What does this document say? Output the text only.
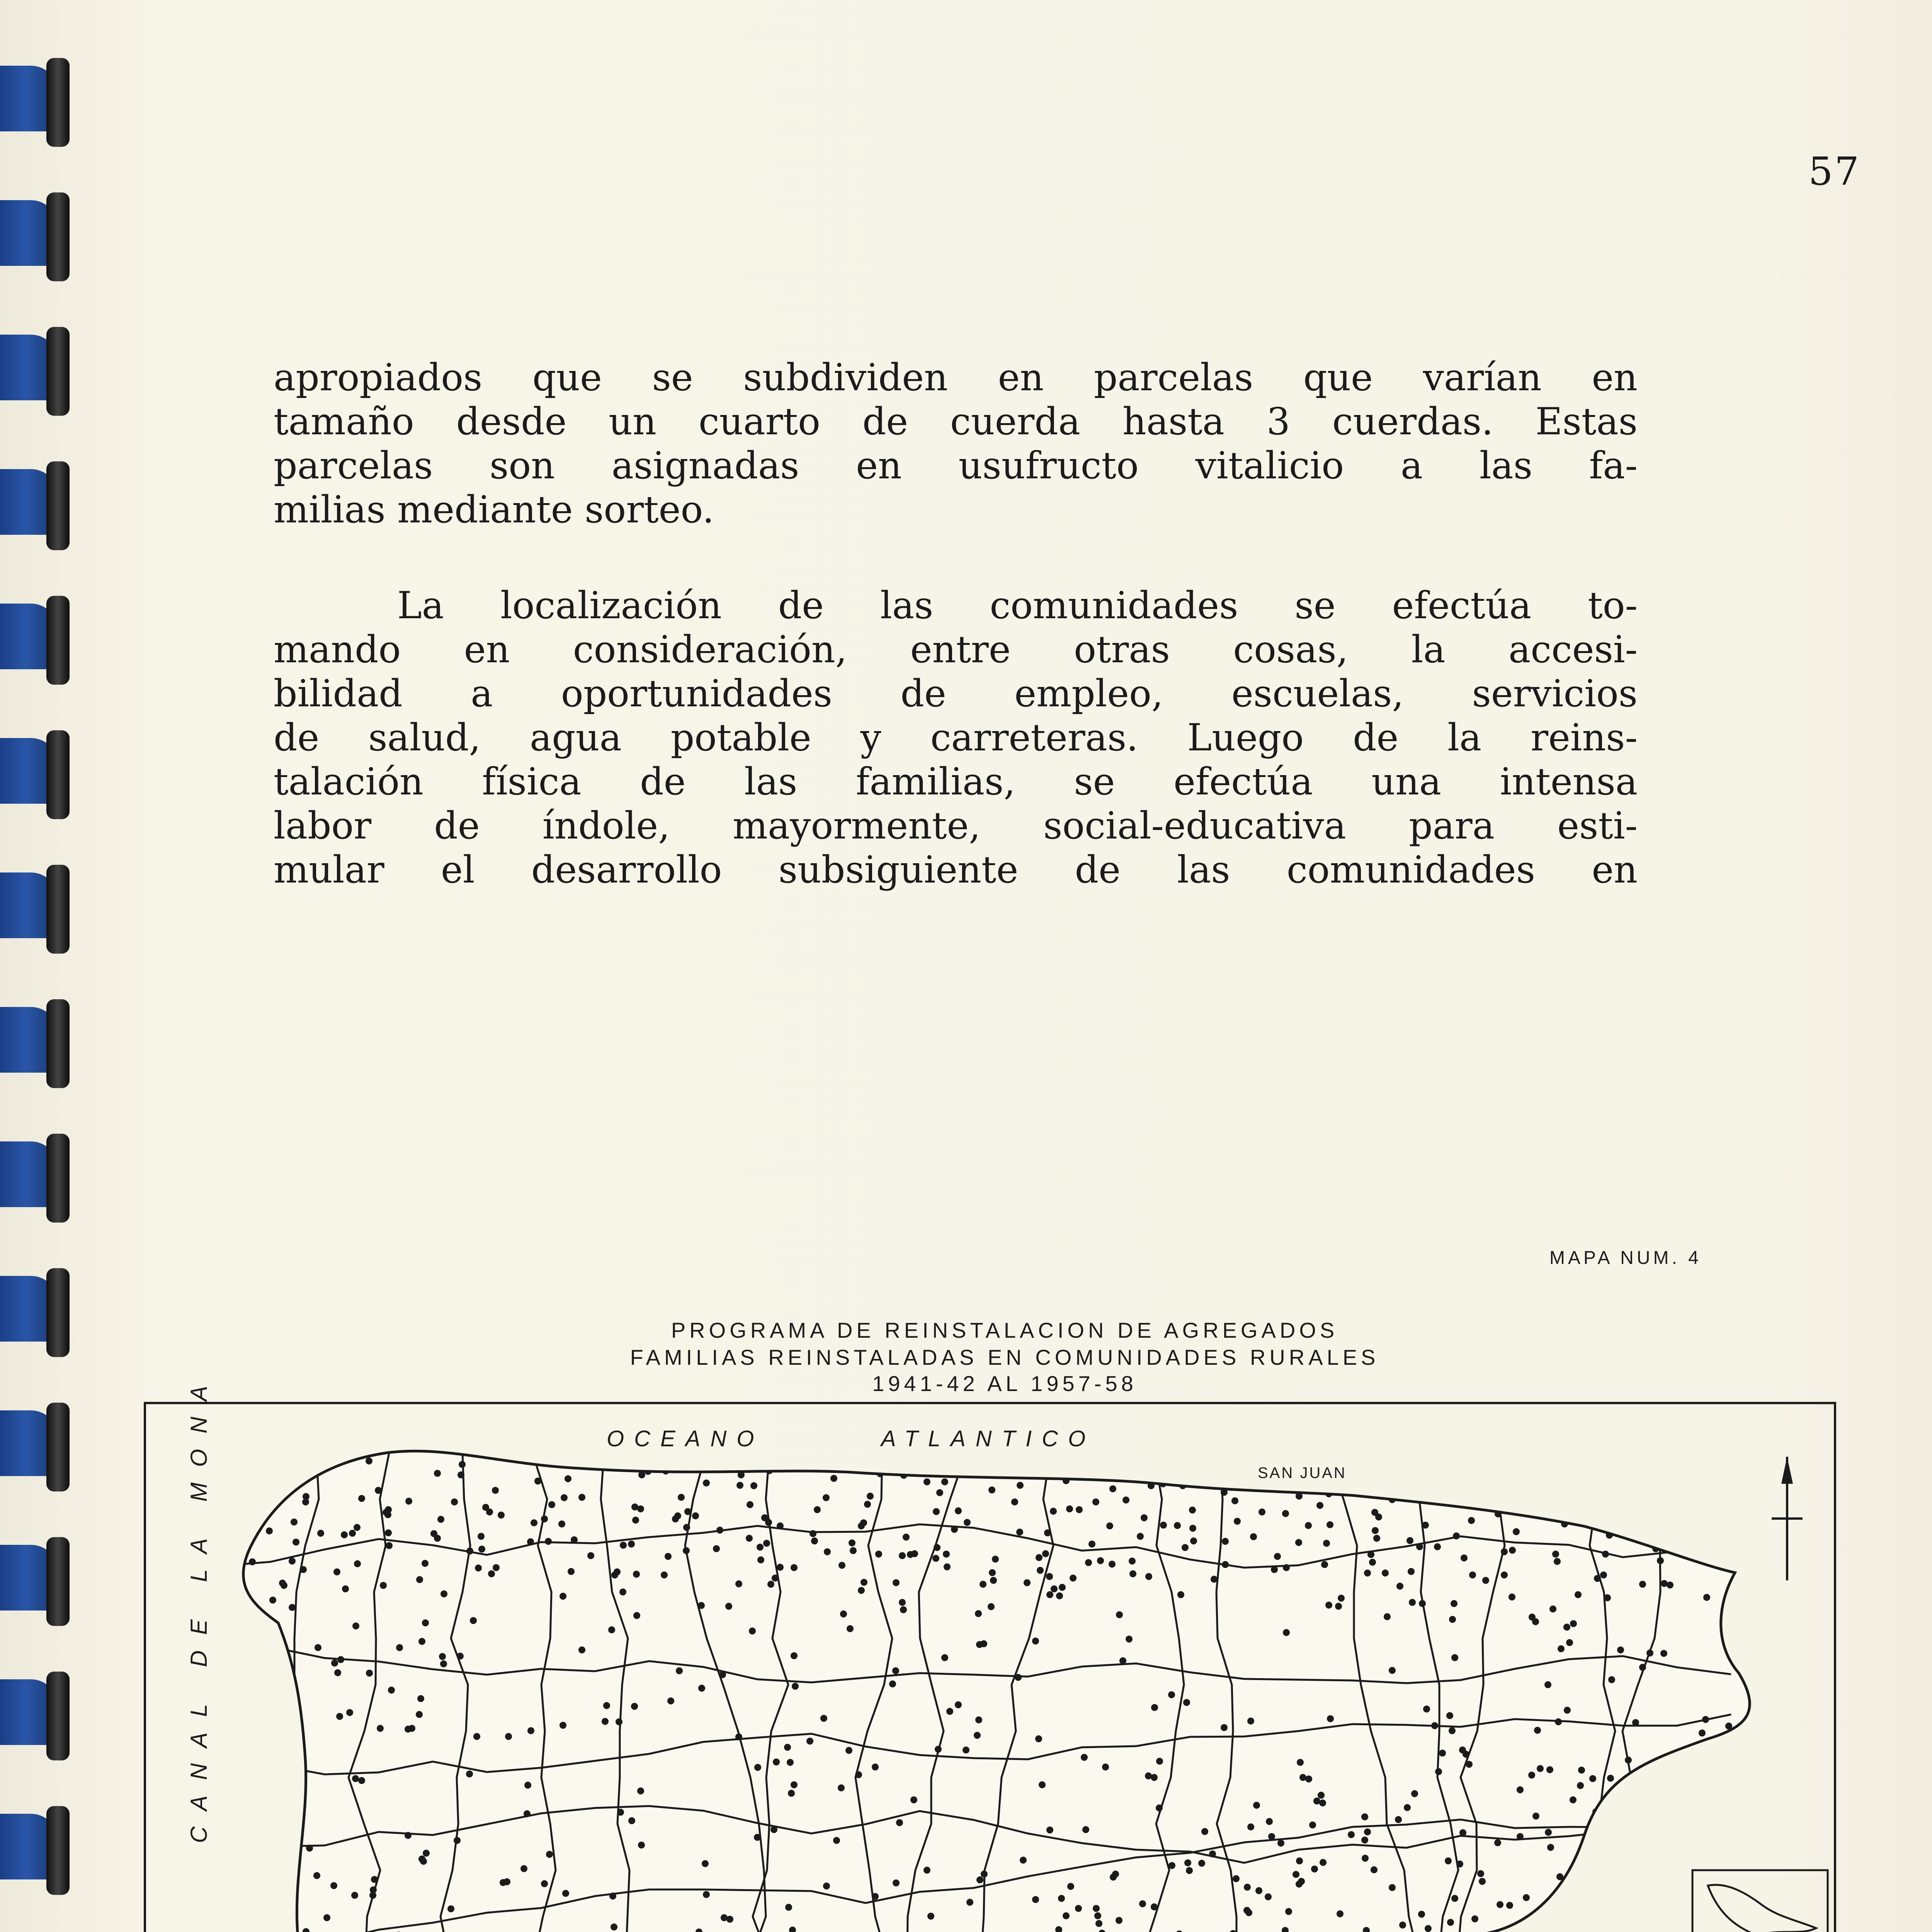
57

apropiados que se subdividen en parcelas que varían en
tamaño desde un cuarto de cuerda hasta 3 cuerdas. Estas
parcelas son asignadas en usufructo vitalicio a las fa-
milias mediante sorteo.

La localización de las comunidades se efectúa to-
mando en consideración, entre otras cosas, la accesi-
bilidad a oportunidades de empleo, escuelas, servicios
de salud, agua potable y carreteras. Luego de la reins-
talación física de las familias, se efectúa una intensa
labor de índole, mayormente, social-educativa para esti-
mular el desarrollo subsiguiente de las comunidades en

MAPA NUM. 4

PROGRAMA DE REINSTALACION DE AGREGADOS

FAMILIAS REINSTALADAS EN COMUNIDADES RURALES

1941-42 AL 1957-58

OCEANO	ATLANTICO
SAN JUAN
CANAL DE LA MONA
